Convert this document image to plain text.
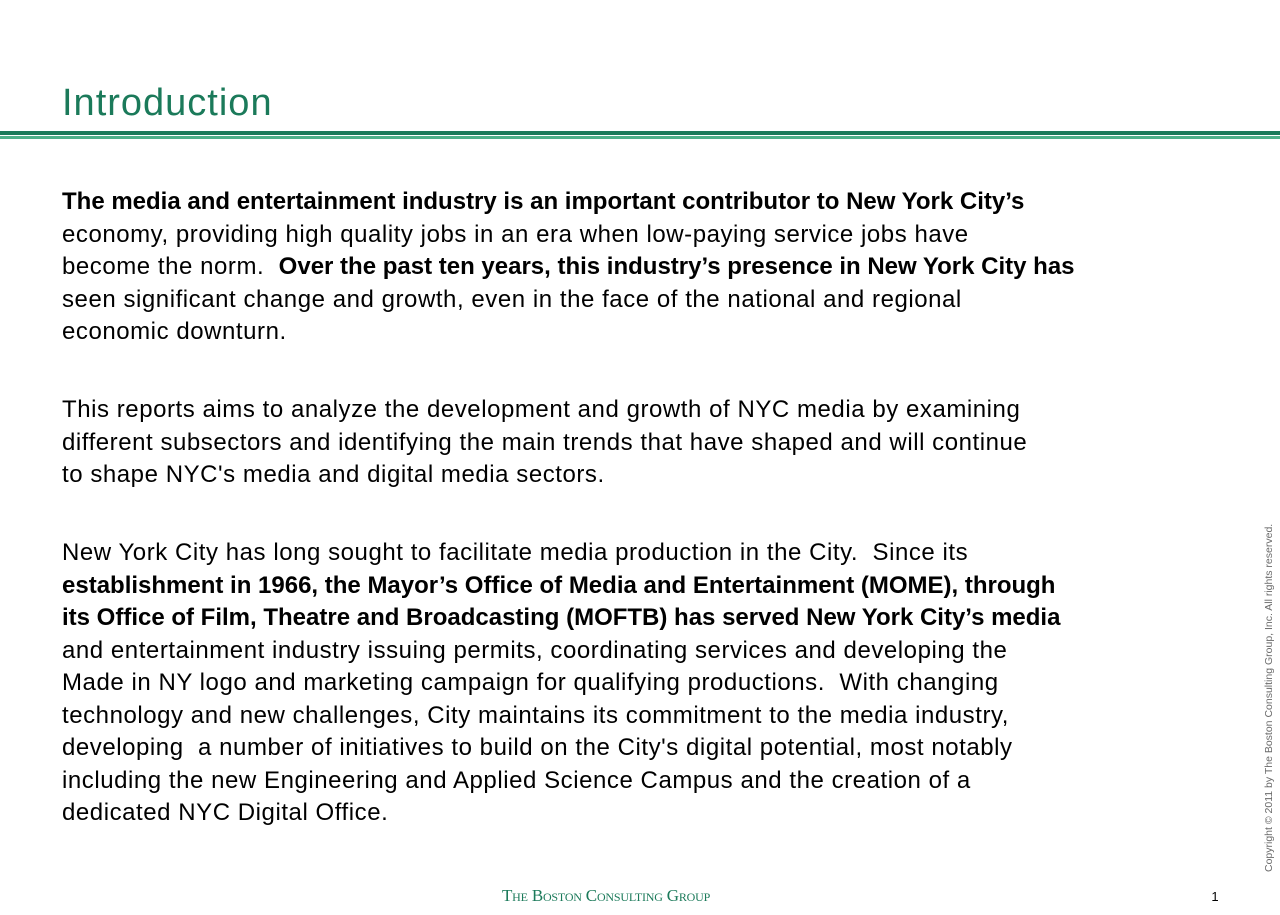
Introduction
The media and entertainment industry is an important contributor to New York City’s
economy, providing high quality jobs in an era when low-paying service jobs have
become the norm.  Over the past ten years, this industry’s presence in New York City has
seen significant change and growth, even in the face of the national and regional
economic downturn.
This reports aims to analyze the development and growth of NYC media by examining
different subsectors and identifying the main trends that have shaped and will continue
to shape NYC's media and digital media sectors.
New York City has long sought to facilitate media production in the City.  Since its
establishment in 1966, the Mayor’s Office of Media and Entertainment (MOME), through
its Office of Film, Theatre and Broadcasting (MOFTB) has served New York City’s media
and entertainment industry issuing permits, coordinating services and developing the
Made in NY logo and marketing campaign for qualifying productions.  With changing
technology and new challenges, City maintains its commitment to the media industry,
developing  a number of initiatives to build on the City's digital potential, most notably
including the new Engineering and Applied Science Campus and the creation of a
dedicated NYC Digital Office.
The Boston Consulting Group	1
Copyright © 2011 by The Boston Consulting Group, Inc. All rights reserved.
